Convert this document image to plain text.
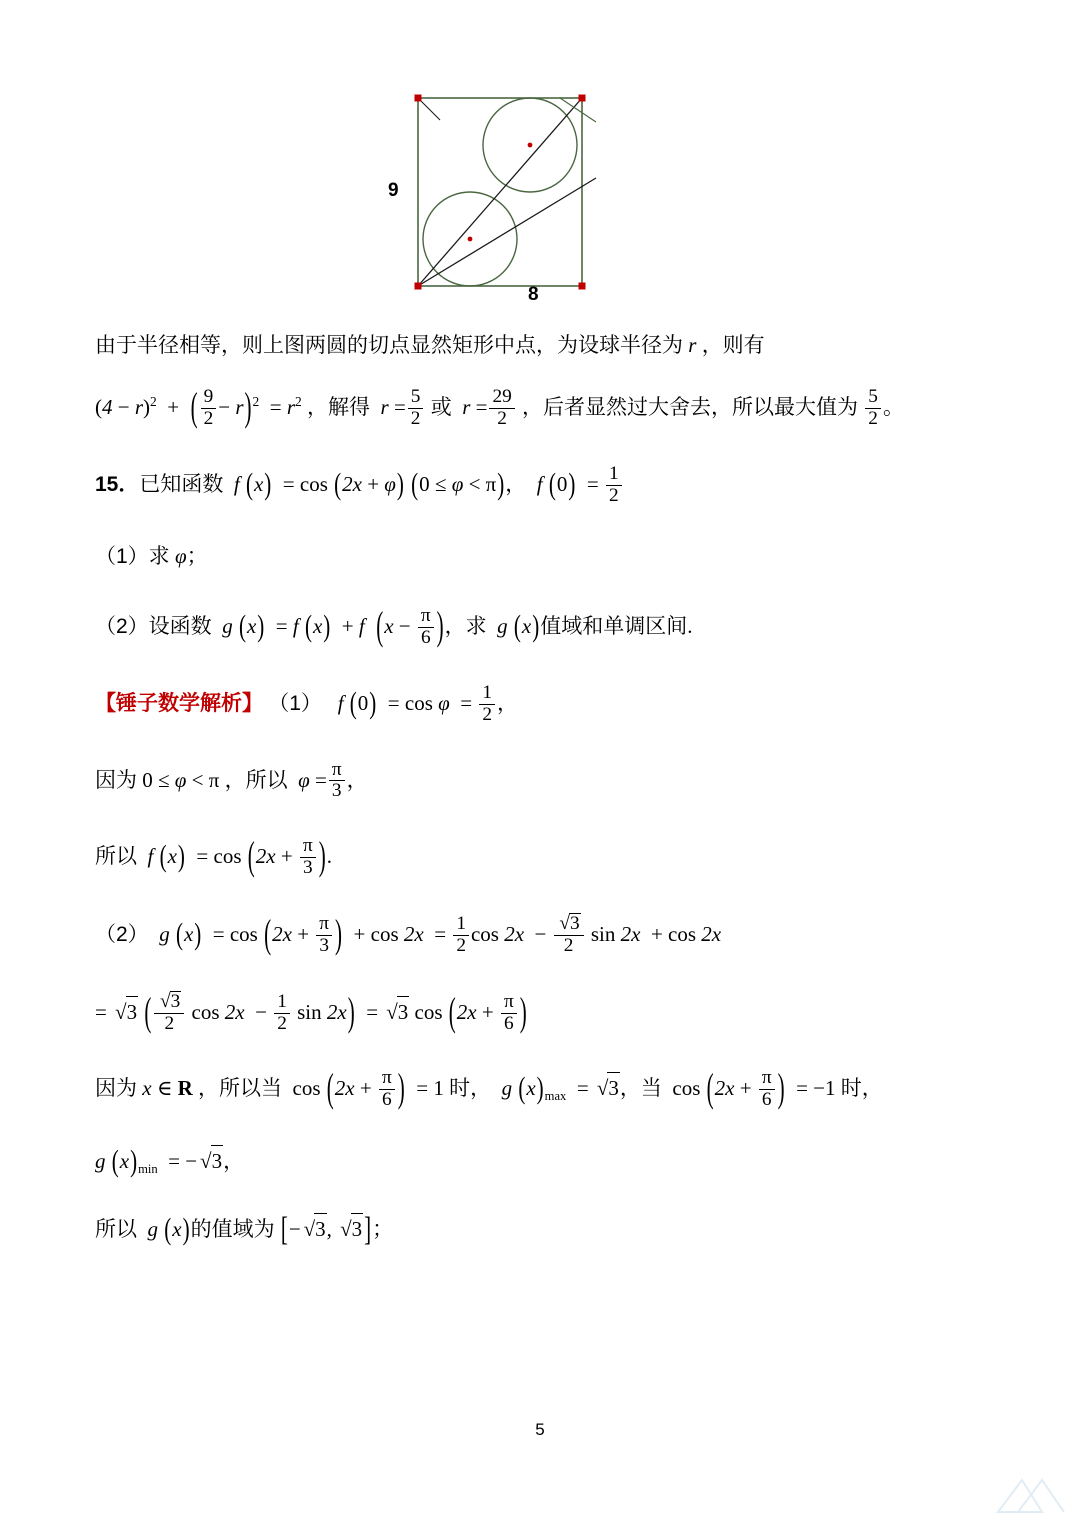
9
8
由于半径相等，则上图两圆的切点显然矩形中点，为设球半径为 r ，则有
$(4 - r)^2$  +  ( $\frac{9}{2} - r)^2 = r^2$ ，解得  $r = \frac{5}{2}$ 或  $r = \frac{29}{2}$ ，后者显然过大舍去，所以最大值为 $\frac{5}{2}$ 。
15．已知函数  f (x)  = cos (2x + φ) (0 ≤ φ < π)，  f $(0) = \frac{1}{2}$
（1）求 φ；
（2）设函数  g (x)  = f (x)  + f  ($x - \frac{\pi}{6}$ )，求  g (x)值域和单调区间.
【锤子数学解析】 （1）   f $(0) = \cos \varphi = \frac{1}{2}$ ，
因为 0 ≤ φ < π ，所以  $\varphi = \frac{\pi}{3}$ ，
所以  f $(x) = \cos (2x + \frac{\pi}{3}$ ).
（2）  g $(x) = \cos (2x + \frac{\pi}{3}$ )  + $\cos 2x = \frac{1}{2}$ cos 2x  − √ $\frac{3}{2}$ sin 2x  + cos 2x
= √ 3 ( √ $\frac{3}{2}$ $\cos 2x - \frac{1}{2}$ sin 2x)  = √ 3 $\cos (2x + \frac{\pi}{6}$ )
因为 x ∈ R ，所以当  $\cos (2x + \frac{\pi}{6}$ )  = 1 时，  g $(x)_{max}$  = √ 3，当  $\cos (2x + \frac{\pi}{6}$ )  = −1 时，
g $(x)_{min}$  = − √ 3，
所以  g (x)的值域为 [− √ 3, √ 3]；
5
